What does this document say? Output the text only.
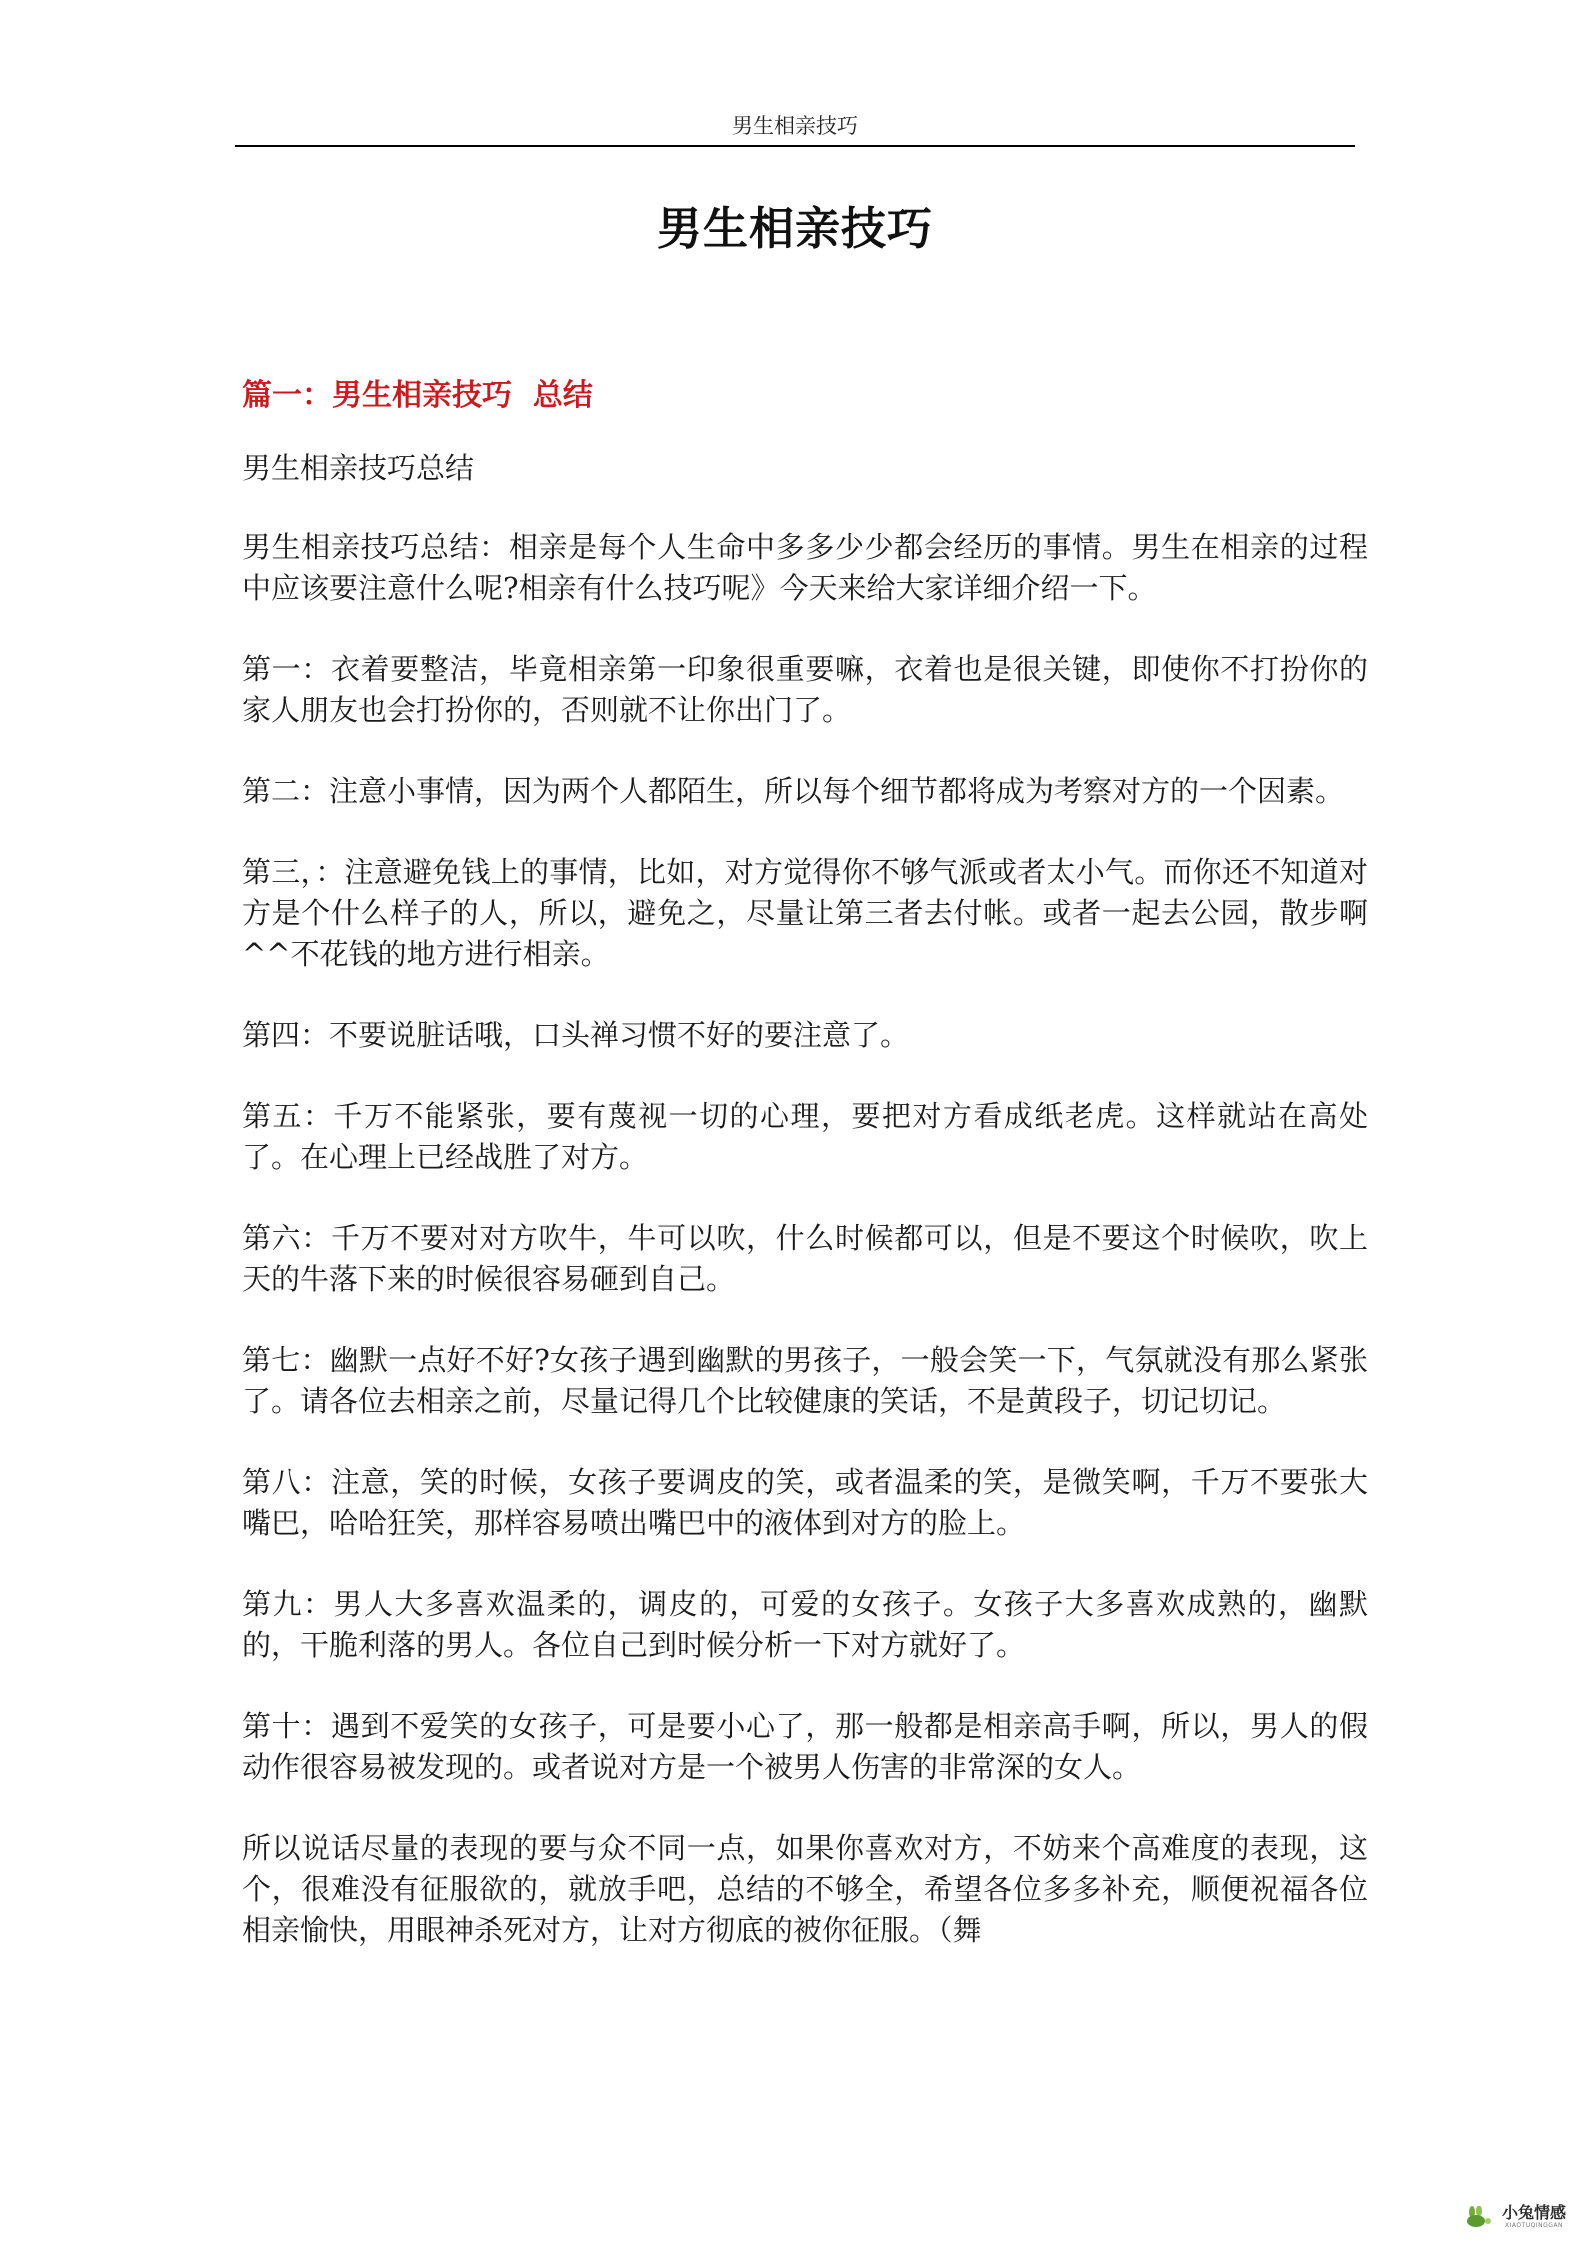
男生相亲技巧
男生相亲技巧
篇一：男生相亲技巧  总结

男生相亲技巧总结

男生相亲技巧总结：相亲是每个人生命中多多少少都会经历的事情。男生在相亲的过程中应该要注意什么呢?相亲有什么技巧呢》今天来给大家详细介绍一下。

第一：衣着要整洁，毕竟相亲第一印象很重要嘛，衣着也是很关键，即使你不打扮你的家人朋友也会打扮你的，否则就不让你出门了。

第二：注意小事情，因为两个人都陌生，所以每个细节都将成为考察对方的一个因素。

第三，：注意避免钱上的事情，比如，对方觉得你不够气派或者太小气。而你还不知道对方是个什么样子的人，所以，避免之，尽量让第三者去付帐。或者一起去公园，散步啊^^不花钱的地方进行相亲。

第四：不要说脏话哦，口头禅习惯不好的要注意了。

第五：千万不能紧张，要有蔑视一切的心理，要把对方看成纸老虎。这样就站在高处了。在心理上已经战胜了对方。

第六：千万不要对对方吹牛，牛可以吹，什么时候都可以，但是不要这个时候吹，吹上天的牛落下来的时候很容易砸到自己。

第七：幽默一点好不好?女孩子遇到幽默的男孩子，一般会笑一下，气氛就没有那么紧张了。请各位去相亲之前，尽量记得几个比较健康的笑话，不是黄段子，切记切记。

第八：注意，笑的时候，女孩子要调皮的笑，或者温柔的笑，是微笑啊，千万不要张大嘴巴，哈哈狂笑，那样容易喷出嘴巴中的液体到对方的脸上。

第九：男人大多喜欢温柔的，调皮的，可爱的女孩子。女孩子大多喜欢成熟的，幽默的，干脆利落的男人。各位自己到时候分析一下对方就好了。

第十：遇到不爱笑的女孩子，可是要小心了，那一般都是相亲高手啊，所以，男人的假动作很容易被发现的。或者说对方是一个被男人伤害的非常深的女人。

所以说话尽量的表现的要与众不同一点，如果你喜欢对方，不妨来个高难度的表现，这个，很难没有征服欲的，就放手吧，总结的不够全，希望各位多多补充，顺便祝福各位相亲愉快，用眼神杀死对方，让对方彻底的被你征服。（舞

小兔情感
XIAOTUQINGGAN
